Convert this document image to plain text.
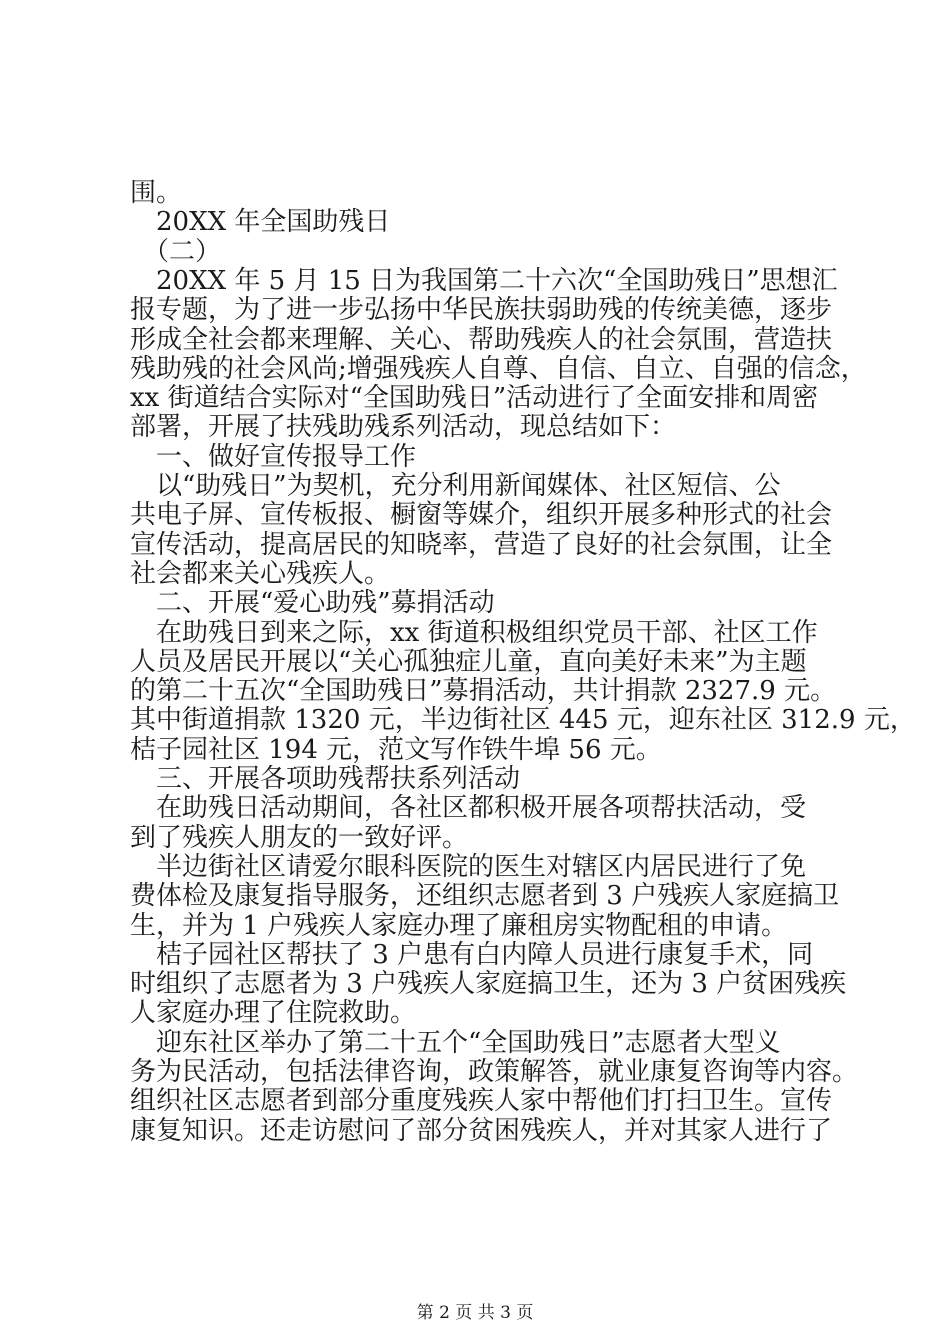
围。
　20XX 年全国助残日
　（二）
　20XX 年 5 月 15 日为我国第二十六次“全国助残日”思想汇
报专题，为了进一步弘扬中华民族扶弱助残的传统美德，逐步
形成全社会都来理解、关心、帮助残疾人的社会氛围，营造扶
残助残的社会风尚;增强残疾人自尊、自信、自立、自强的信念，
xx 街道结合实际对“全国助残日”活动进行了全面安排和周密
部署，开展了扶残助残系列活动，现总结如下：
　一、做好宣传报导工作
　以“助残日”为契机，充分利用新闻媒体、社区短信、公
共电子屏、宣传板报、橱窗等媒介，组织开展多种形式的社会
宣传活动，提高居民的知晓率，营造了良好的社会氛围，让全
社会都来关心残疾人。
　二、开展“爱心助残”募捐活动
　在助残日到来之际，xx 街道积极组织党员干部、社区工作
人员及居民开展以“关心孤独症儿童，直向美好未来”为主题
的第二十五次“全国助残日”募捐活动，共计捐款 2327.9 元。
其中街道捐款 1320 元，半边街社区 445 元，迎东社区 312.9 元，
桔子园社区 194 元，范文写作铁牛埠 56 元。
　三、开展各项助残帮扶系列活动
　在助残日活动期间，各社区都积极开展各项帮扶活动，受
到了残疾人朋友的一致好评。
　半边街社区请爱尔眼科医院的医生对辖区内居民进行了免
费体检及康复指导服务，还组织志愿者到 3 户残疾人家庭搞卫
生，并为 1 户残疾人家庭办理了廉租房实物配租的申请。
　桔子园社区帮扶了 3 户患有白内障人员进行康复手术，同
时组织了志愿者为 3 户残疾人家庭搞卫生，还为 3 户贫困残疾
人家庭办理了住院救助。
　迎东社区举办了第二十五个“全国助残日”志愿者大型义
务为民活动，包括法律咨询，政策解答，就业康复咨询等内容。
组织社区志愿者到部分重度残疾人家中帮他们打扫卫生。宣传
康复知识。还走访慰问了部分贫困残疾人，并对其家人进行了
第 2 页 共 3 页
